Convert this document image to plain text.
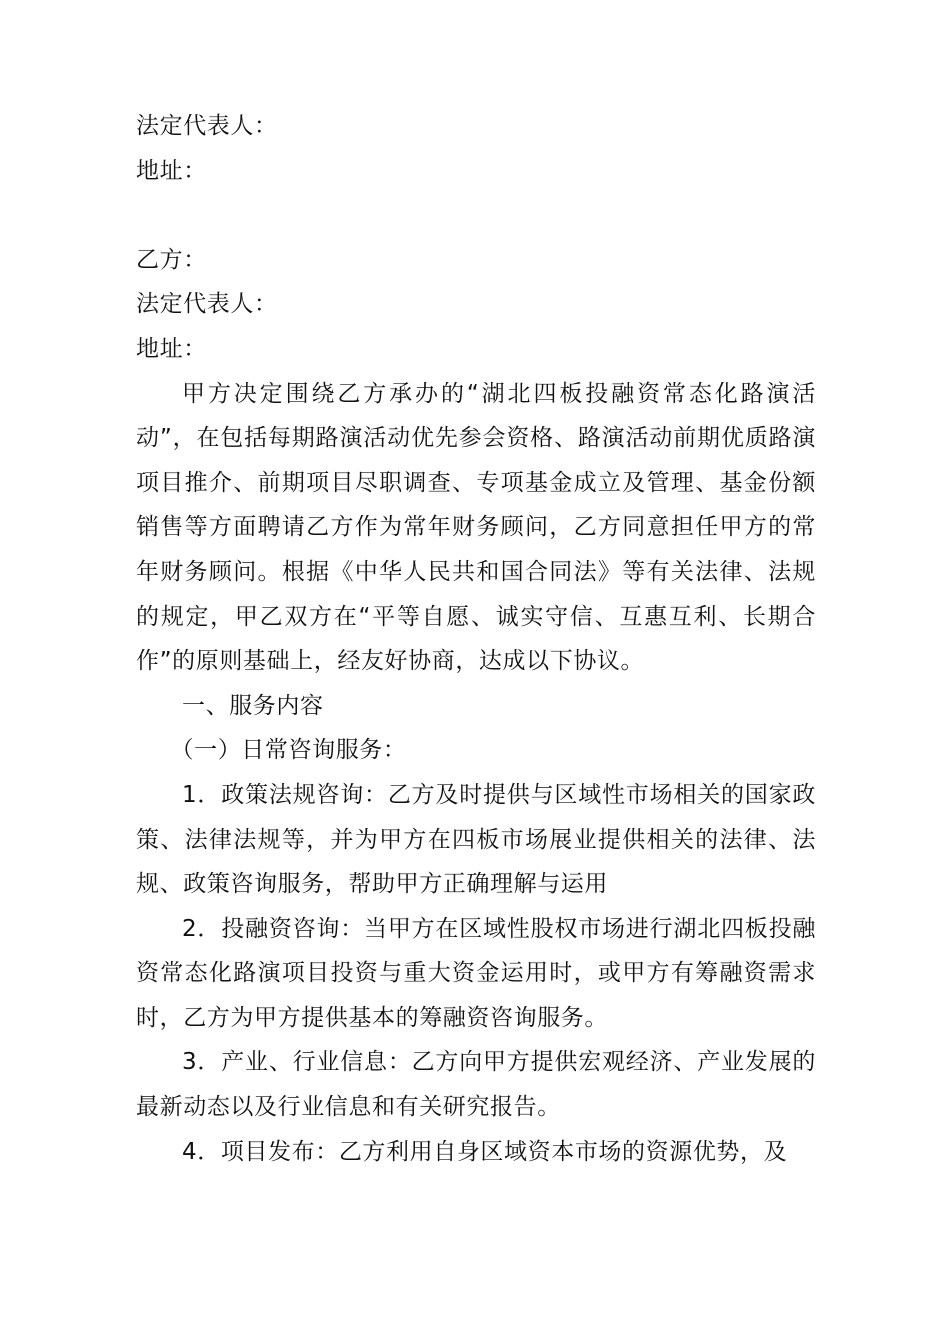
法定代表人：

地址：

乙方：

法定代表人：

地址：

甲方决定围绕乙方承办的“湖北四板投融资常态化路演活动”，在包括每期路演活动优先参会资格、路演活动前期优质路演项目推介、前期项目尽职调查、专项基金成立及管理、基金份额销售等方面聘请乙方作为常年财务顾问，乙方同意担任甲方的常年财务顾问。根据《中华人民共和国合同法》等有关法律、法规的规定，甲乙双方在“平等自愿、诚实守信、互惠互利、长期合作”的原则基础上，经友好协商，达成以下协议。

一、服务内容

（一）日常咨询服务：

1．政策法规咨询：乙方及时提供与区域性市场相关的国家政策、法律法规等，并为甲方在四板市场展业提供相关的法律、法规、政策咨询服务，帮助甲方正确理解与运用

2．投融资咨询：当甲方在区域性股权市场进行湖北四板投融资常态化路演项目投资与重大资金运用时，或甲方有筹融资需求时，乙方为甲方提供基本的筹融资咨询服务。

3．产业、行业信息：乙方向甲方提供宏观经济、产业发展的最新动态以及行业信息和有关研究报告。

4．项目发布：乙方利用自身区域资本市场的资源优势，及
